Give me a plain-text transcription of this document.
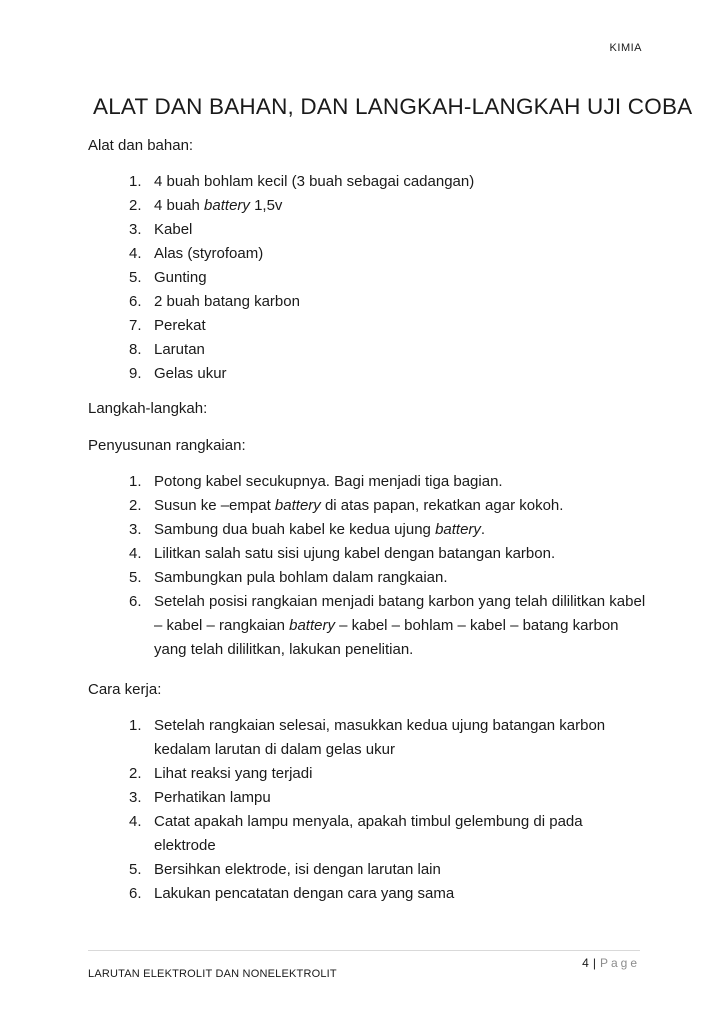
KIMIA
ALAT DAN BAHAN, DAN LANGKAH-LANGKAH UJI COBA
Alat dan bahan:
1. 4 buah bohlam kecil (3 buah sebagai cadangan)
2. 4 buah battery 1,5v
3. Kabel
4. Alas (styrofoam)
5. Gunting
6. 2 buah batang karbon
7. Perekat
8. Larutan
9. Gelas ukur
Langkah-langkah:
Penyusunan rangkaian:
1. Potong kabel secukupnya. Bagi menjadi tiga bagian.
2. Susun ke –empat battery di atas papan, rekatkan agar kokoh.
3. Sambung dua buah kabel ke kedua ujung battery.
4. Lilitkan salah satu sisi ujung kabel dengan batangan karbon.
5. Sambungkan pula bohlam dalam rangkaian.
6. Setelah posisi rangkaian menjadi batang karbon yang telah dililitkan kabel – kabel – rangkaian battery – kabel – bohlam – kabel – batang karbon yang telah dililitkan, lakukan penelitian.
Cara kerja:
1. Setelah rangkaian selesai, masukkan kedua ujung batangan karbon kedalam larutan di dalam gelas ukur
2. Lihat reaksi yang terjadi
3. Perhatikan lampu
4. Catat apakah lampu menyala, apakah timbul gelembung di pada elektrode
5. Bersihkan elektrode, isi dengan larutan lain
6. Lakukan pencatatan dengan cara yang sama
4 | Page
LARUTAN ELEKTROLIT DAN NONELEKTROLIT
